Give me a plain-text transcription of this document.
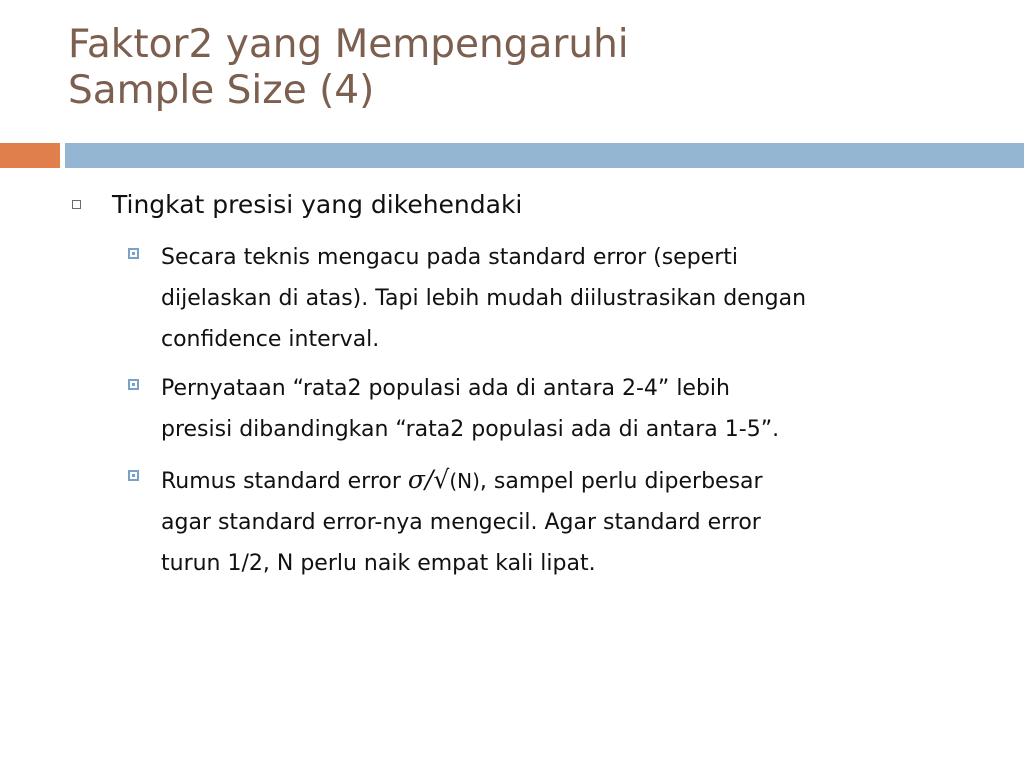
Faktor2 yang Mempengaruhi
Sample Size (4)
Tingkat presisi yang dikehendaki
Secara teknis mengacu pada standard error (seperti
dijelaskan di atas). Tapi lebih mudah diilustrasikan dengan
confidence interval.
Pernyataan “rata2 populasi ada di antara 2-4” lebih
presisi dibandingkan “rata2 populasi ada di antara 1-5”.
Rumus standard error σ/√(N), sampel perlu diperbesar
agar standard error-nya mengecil. Agar standard error
turun 1/2, N perlu naik empat kali lipat.
